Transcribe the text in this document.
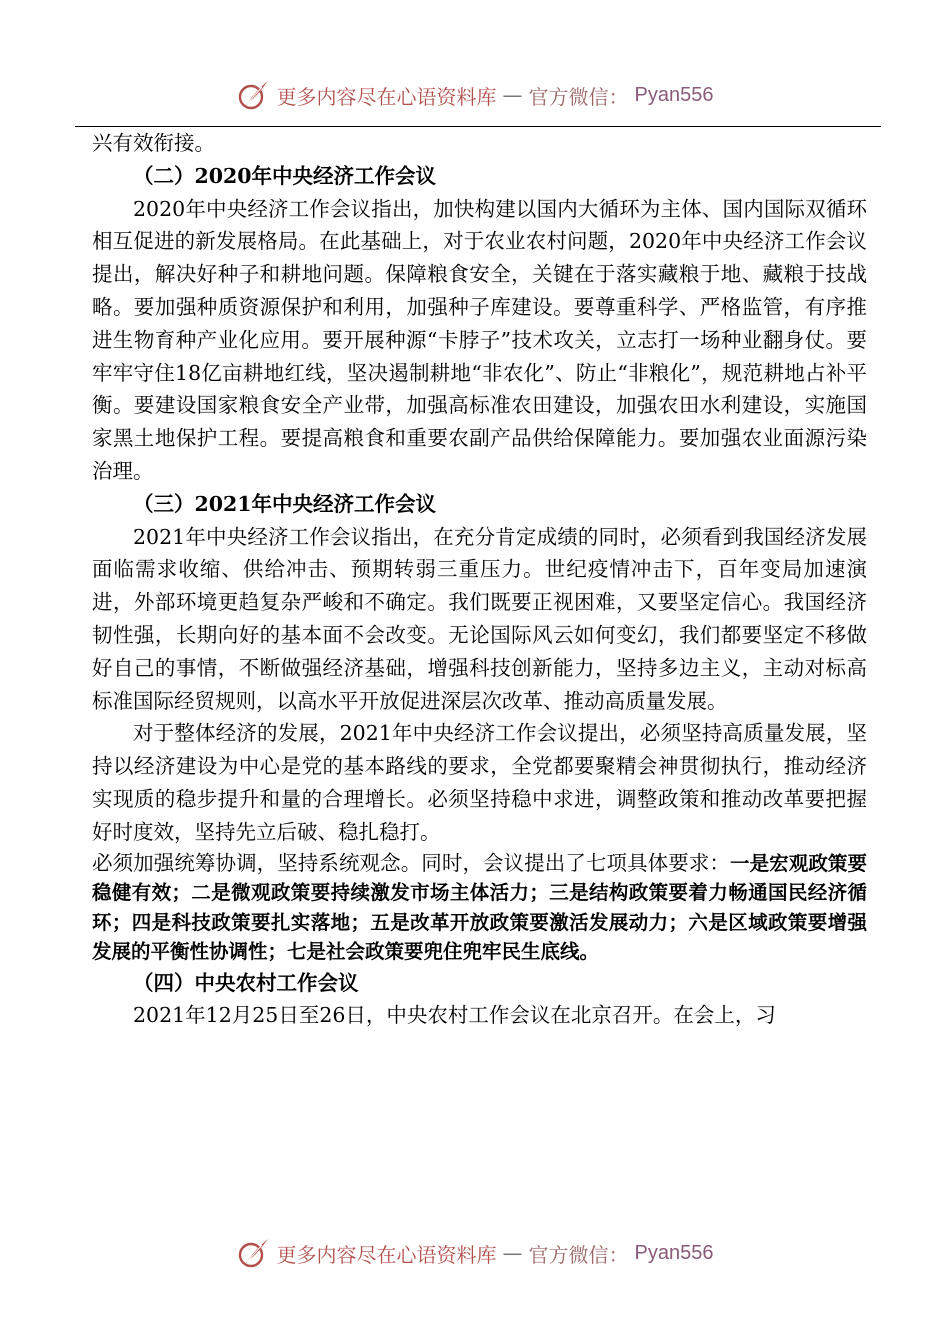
更多内容尽在心语资料库 — 官方微信： Pyan556

兴有效衔接。

（二）2020年中央经济工作会议

2020年中央经济工作会议指出，加快构建以国内大循环为主体、国内国际双循环相互促进的新发展格局。在此基础上，对于农业农村问题，2020年中央经济工作会议提出，解决好种子和耕地问题。保障粮食安全，关键在于落实藏粮于地、藏粮于技战略。要加强种质资源保护和利用，加强种子库建设。要尊重科学、严格监管，有序推进生物育种产业化应用。要开展种源“卡脖子”技术攻关，立志打一场种业翻身仗。要牢牢守住18亿亩耕地红线，坚决遏制耕地“非农化”、防止“非粮化”，规范耕地占补平衡。要建设国家粮食安全产业带，加强高标准农田建设，加强农田水利建设，实施国家黑土地保护工程。要提高粮食和重要农副产品供给保障能力。要加强农业面源污染治理。

（三）2021年中央经济工作会议

2021年中央经济工作会议指出，在充分肯定成绩的同时，必须看到我国经济发展面临需求收缩、供给冲击、预期转弱三重压力。世纪疫情冲击下，百年变局加速演进，外部环境更趋复杂严峻和不确定。我们既要正视困难，又要坚定信心。我国经济韧性强，长期向好的基本面不会改变。无论国际风云如何变幻，我们都要坚定不移做好自己的事情，不断做强经济基础，增强科技创新能力，坚持多边主义，主动对标高标准国际经贸规则，以高水平开放促进深层次改革、推动高质量发展。

对于整体经济的发展，2021年中央经济工作会议提出，必须坚持高质量发展，坚持以经济建设为中心是党的基本路线的要求，全党都要聚精会神贯彻执行，推动经济实现质的稳步提升和量的合理增长。必须坚持稳中求进，调整政策和推动改革要把握好时度效，坚持先立后破、稳扎稳打。

必须加强统筹协调，坚持系统观念。同时，会议提出了七项具体要求：一是宏观政策要稳健有效；二是微观政策要持续激发市场主体活力；三是结构政策要着力畅通国民经济循环；四是科技政策要扎实落地；五是改革开放政策要激活发展动力；六是区域政策要增强发展的平衡性协调性；七是社会政策要兜住兜牢民生底线。

（四）中央农村工作会议

2021年12月25日至26日，中央农村工作会议在北京召开。在会上，习

更多内容尽在心语资料库 — 官方微信： Pyan556
